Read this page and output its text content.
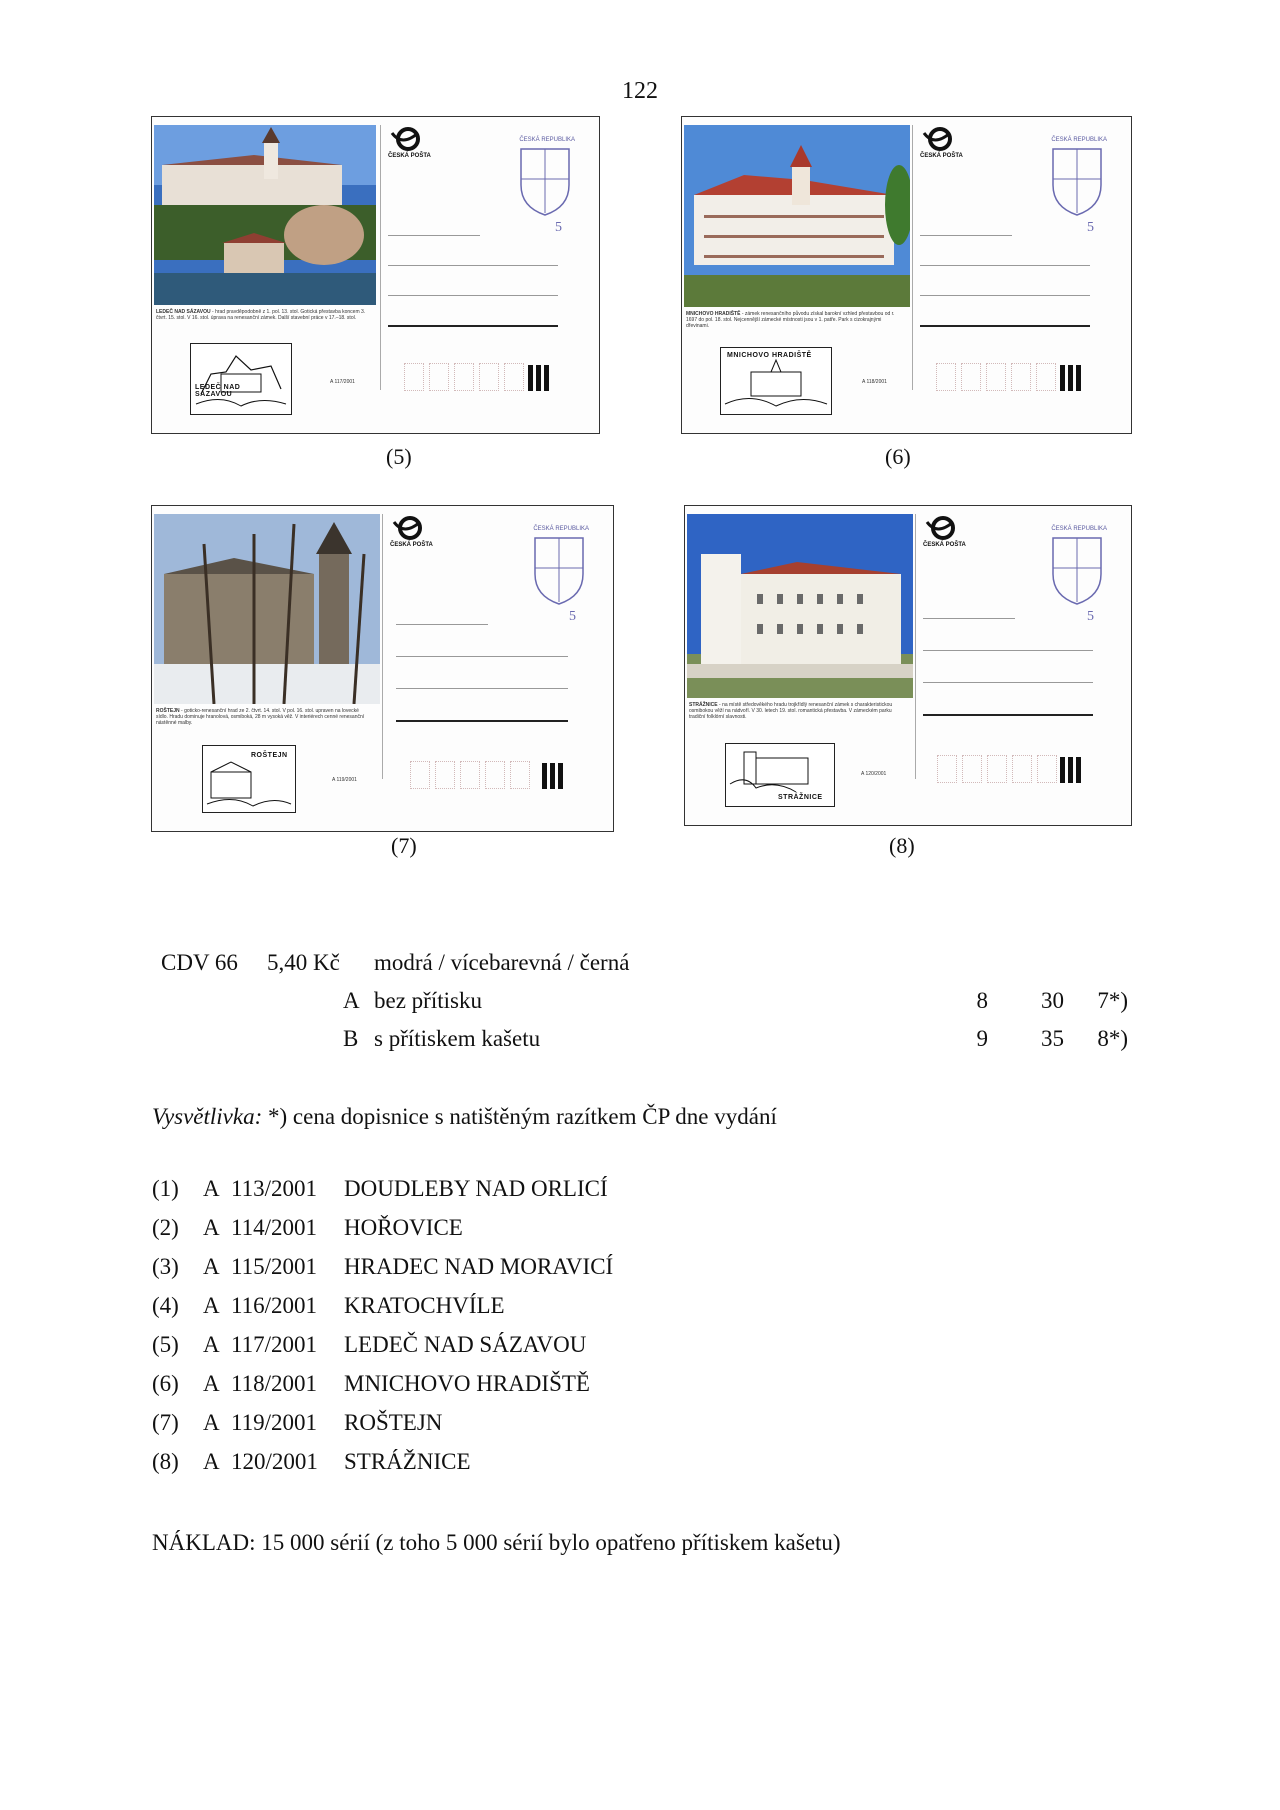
122
LEDEČ NAD SÁZAVOU - hrad pravděpodobně z 1. pol. 13. stol. Gotická přestavba koncem 3. čtvrt. 15. stol. V 16. stol. úprava na renesanční zámek. Další stavební práce v 17.–18. stol.
ČESKÁ POŠTA
ČESKÁ REPUBLIKA
5
A 117/2001
LEDEČ NAD SÁZAVOU
(5)
MNICHOVO HRADIŠTĚ - zámek renesančního původu získal barokní vzhled přestavbou od r. 1697 do pol. 18. stol. Nejcennější zámecké místnosti jsou v 1. patře. Park s cizokrajnými dřevinami.
ČESKÁ POŠTA
ČESKÁ REPUBLIKA
5
A 118/2001
MNICHOVO HRADIŠTĚ
(6)
ROŠTEJN - goticko-renesanční hrad ze 2. čtvrt. 14. stol. V pol. 16. stol. upraven na lovecké sídlo. Hradu dominuje hranolová, osmiboká, 28 m vysoká věž. V interiérech cenné renesanční nástěnné malby.
ČESKÁ POŠTA
ČESKÁ REPUBLIKA
5
A 119/2001
ROŠTEJN
(7)
STRÁŽNICE - na místě středověkého hradu trojkřídlý renesanční zámek s charakteristickou osmibokou věží na nádvoří. V 30. letech 19. stol. romantická přestavba. V zámeckém parku tradiční folklórní slavnosti.
ČESKÁ POŠTA
ČESKÁ REPUBLIKA
5
A 120/2001
STRÁŽNICE
(8)
CDV 66 5,40 Kč modrá / vícebarevná / černá
A bez přítisku	8	30	7*)
B s přítiskem kašetu	9	35	8*)
Vysvětlivka: *) cena dopisnice s natištěným razítkem ČP dne vydání
(1)	A 113/2001	DOUDLEBY NAD ORLICÍ
(2)	A 114/2001	HOŘOVICE
(3)	A 115/2001	HRADEC NAD MORAVICÍ
(4)	A 116/2001	KRATOCHVÍLE
(5)	A 117/2001	LEDEČ NAD SÁZAVOU
(6)	A 118/2001	MNICHOVO HRADIŠTĚ
(7)	A 119/2001	ROŠTEJN
(8)	A 120/2001	STRÁŽNICE
NÁKLAD: 15 000 sérií (z toho 5 000 sérií bylo opatřeno přítiskem kašetu)
